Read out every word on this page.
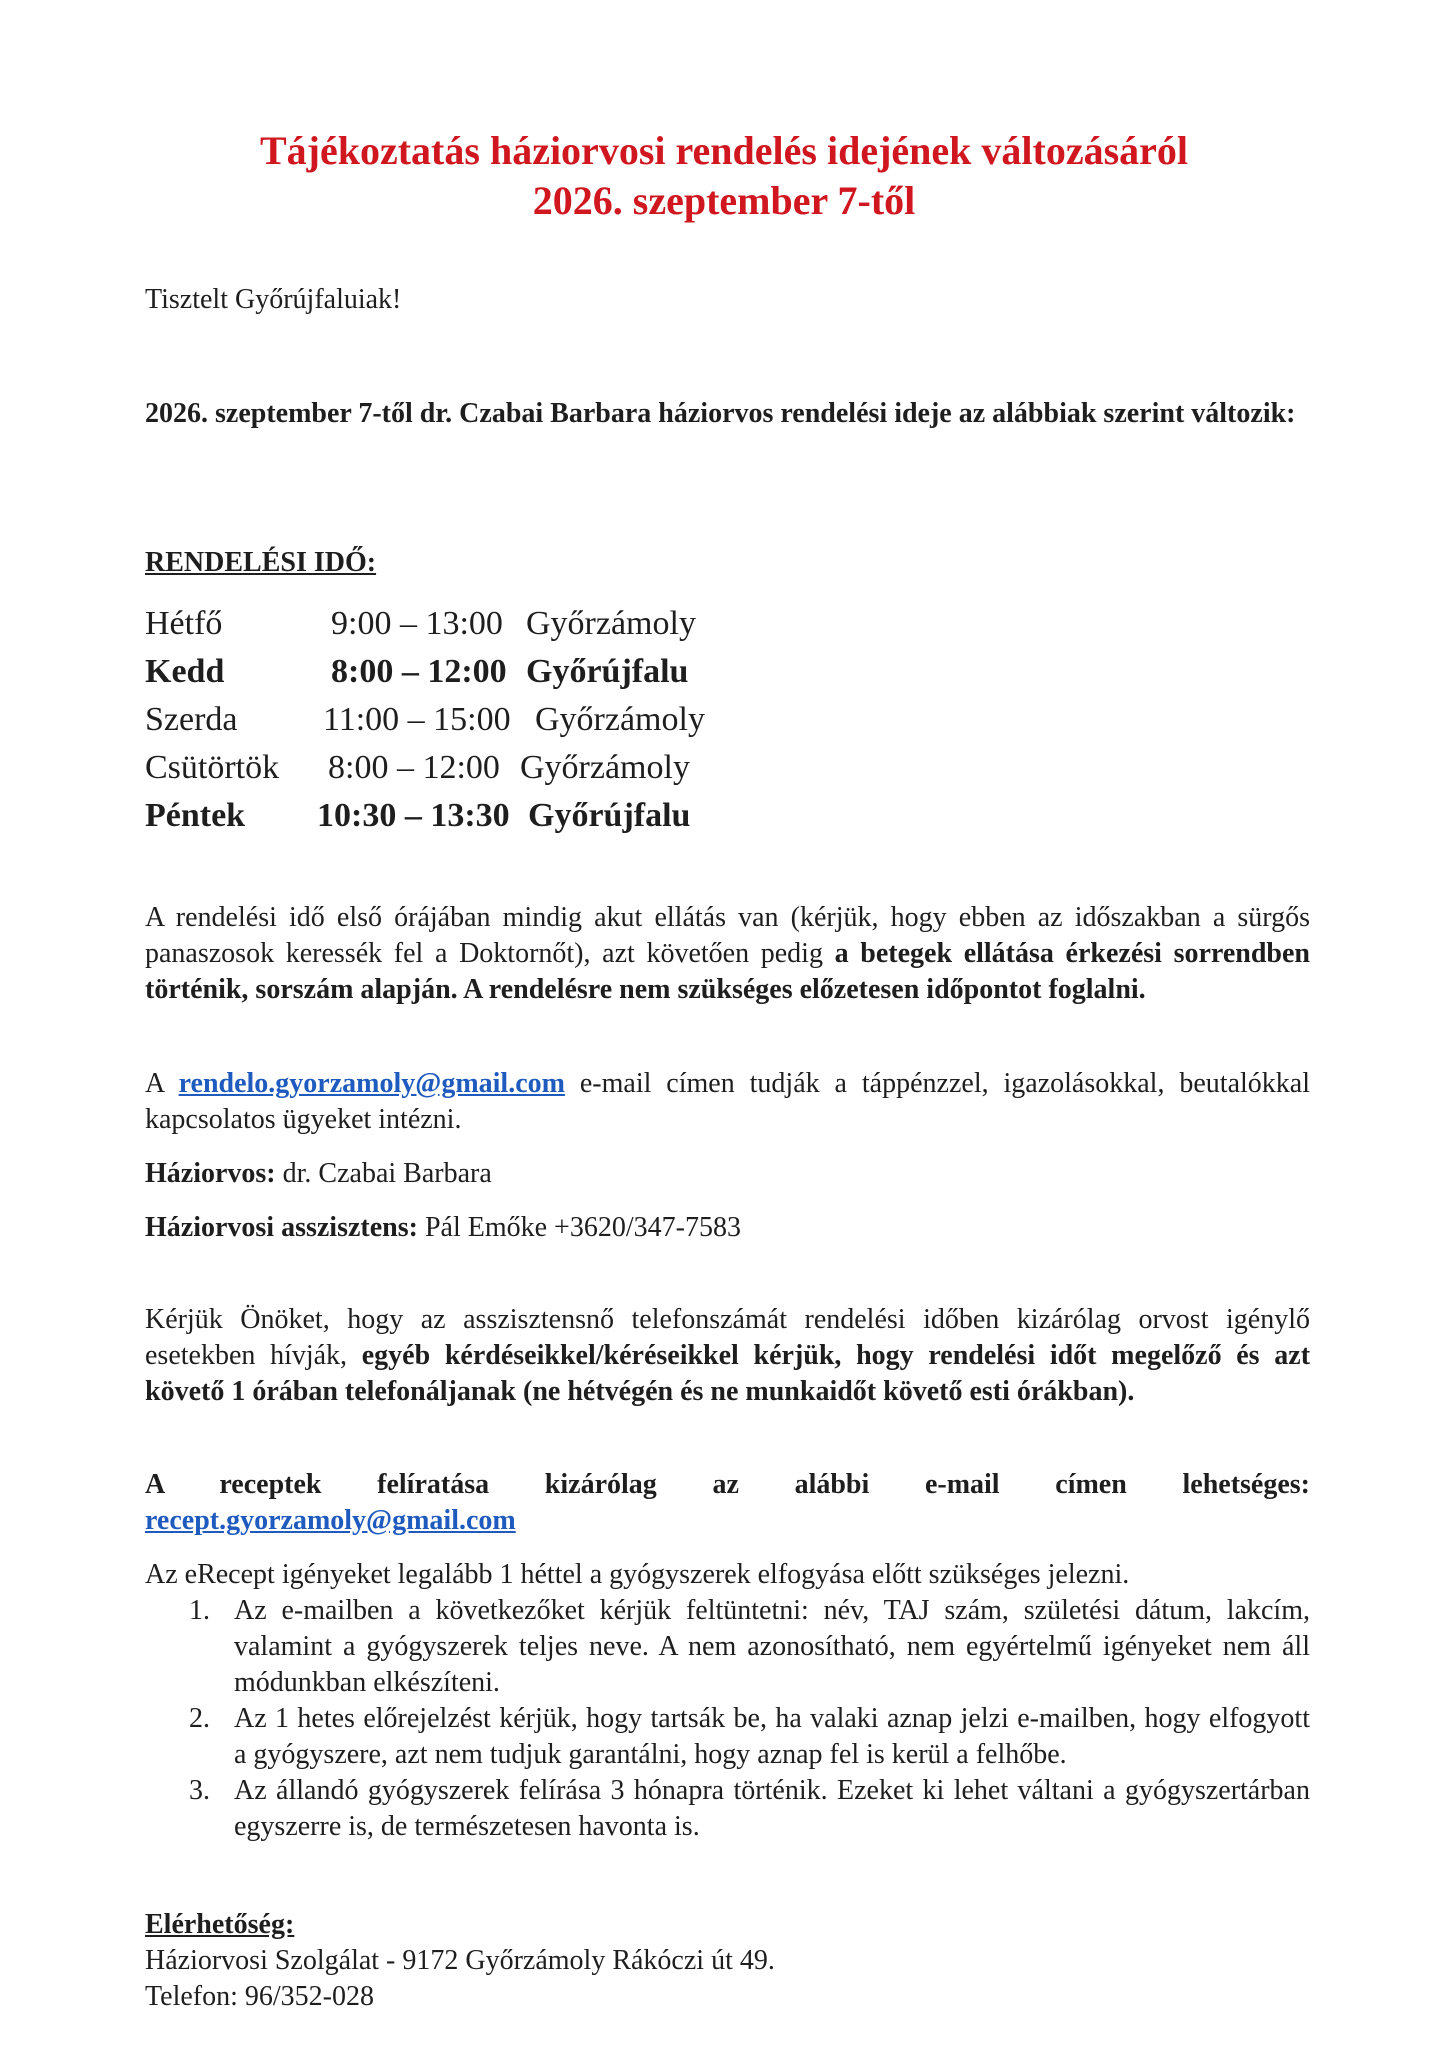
Tájékoztatás háziorvosi rendelés idejének változásáról
2026. szeptember 7-től

Tisztelt Győrújfaluiak!

2026. szeptember 7-től dr. Czabai Barbara háziorvos rendelési ideje az alábbiak szerint változik:

RENDELÉSI IDŐ:

Hétfő	9:00 – 13:00 Győrzámoly
Kedd	8:00 – 12:00 Győrújfalu
Szerda	11:00 – 15:00 Győrzámoly
Csütörtök 8:00 – 12:00 Győrzámoly
Péntek 10:30 – 13:30 Győrújfalu

A rendelési idő első órájában mindig akut ellátás van (kérjük, hogy ebben az időszakban a sürgős panaszosok keressék fel a Doktornőt), azt követően pedig a betegek ellátása érkezési sorrendben történik, sorszám alapján. A rendelésre nem szükséges előzetesen időpontot foglalni.

A rendelo.gyorzamoly@gmail.com e-mail címen tudják a táppénzzel, igazolásokkal, beutalókkal kapcsolatos ügyeket intézni.

Háziorvos: dr. Czabai Barbara

Háziorvosi asszisztens: Pál Emőke +3620/347-7583

Kérjük Önöket, hogy az asszisztensnő telefonszámát rendelési időben kizárólag orvost igénylő esetekben hívják, egyéb kérdéseikkel/kéréseikkel kérjük, hogy rendelési időt megelőző és azt követő 1 órában telefonáljanak (ne hétvégén és ne munkaidőt követő esti órákban).

A receptek felíratása kizárólag az alábbi e-mail címen lehetséges:

recept.gyorzamoly@gmail.com

Az eRecept igényeket legalább 1 héttel a gyógyszerek elfogyása előtt szükséges jelezni.

1. Az e-mailben a következőket kérjük feltüntetni: név, TAJ szám, születési dátum, lakcím, valamint a gyógyszerek teljes neve. A nem azonosítható, nem egyértelmű igényeket nem áll módunkban elkészíteni.

2. Az 1 hetes előrejelzést kérjük, hogy tartsák be, ha valaki aznap jelzi e-mailben, hogy elfogyott a gyógyszere, azt nem tudjuk garantálni, hogy aznap fel is kerül a felhőbe.

3. Az állandó gyógyszerek felírása 3 hónapra történik. Ezeket ki lehet váltani a gyógyszertárban egyszerre is, de természetesen havonta is.

Elérhetőség:

Háziorvosi Szolgálat - 9172 Győrzámoly Rákóczi út 49.

Telefon: 96/352-028
